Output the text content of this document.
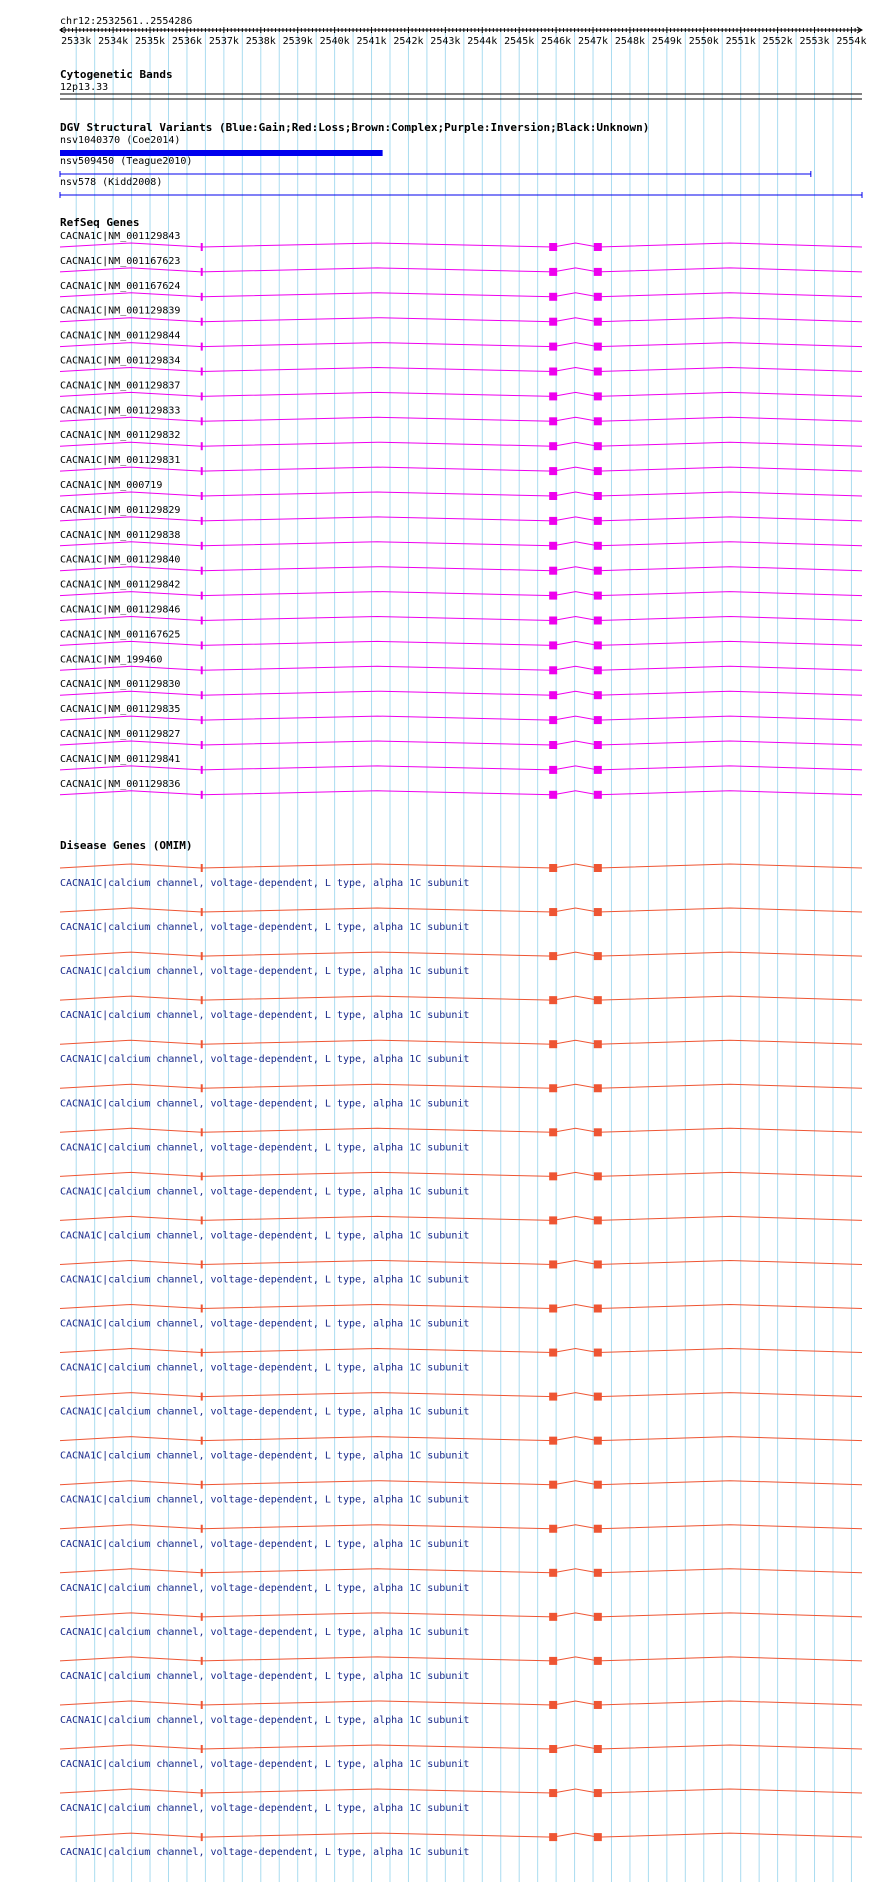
chr12:2532561..2554286
2533k 2534k 2535k 2536k 2537k 2538k 2539k 2540k 2541k 2542k 2543k 2544k 2545k 2546k 2547k 2548k 2549k 2550k 2551k 2552k 2553k 2554k
Cytogenetic Bands
12p13.33
DGV Structural Variants (Blue:Gain;Red:Loss;Brown:Complex;Purple:Inversion;Black:Unknown)
nsv1040370 (Coe2014)
nsv509450 (Teague2010)
nsv578 (Kidd2008)
RefSeq Genes
CACNA1C|NM_001129843
CACNA1C|NM_001167623
CACNA1C|NM_001167624
CACNA1C|NM_001129839
CACNA1C|NM_001129844
CACNA1C|NM_001129834
CACNA1C|NM_001129837
CACNA1C|NM_001129833
CACNA1C|NM_001129832
CACNA1C|NM_001129831
CACNA1C|NM_000719
CACNA1C|NM_001129829
CACNA1C|NM_001129838
CACNA1C|NM_001129840
CACNA1C|NM_001129842
CACNA1C|NM_001129846
CACNA1C|NM_001167625
CACNA1C|NM_199460
CACNA1C|NM_001129830
CACNA1C|NM_001129835
CACNA1C|NM_001129827
CACNA1C|NM_001129841
CACNA1C|NM_001129836
Disease Genes (OMIM)
CACNA1C|calcium channel, voltage-dependent, L type, alpha 1C subunit
CACNA1C|calcium channel, voltage-dependent, L type, alpha 1C subunit
CACNA1C|calcium channel, voltage-dependent, L type, alpha 1C subunit
CACNA1C|calcium channel, voltage-dependent, L type, alpha 1C subunit
CACNA1C|calcium channel, voltage-dependent, L type, alpha 1C subunit
CACNA1C|calcium channel, voltage-dependent, L type, alpha 1C subunit
CACNA1C|calcium channel, voltage-dependent, L type, alpha 1C subunit
CACNA1C|calcium channel, voltage-dependent, L type, alpha 1C subunit
CACNA1C|calcium channel, voltage-dependent, L type, alpha 1C subunit
CACNA1C|calcium channel, voltage-dependent, L type, alpha 1C subunit
CACNA1C|calcium channel, voltage-dependent, L type, alpha 1C subunit
CACNA1C|calcium channel, voltage-dependent, L type, alpha 1C subunit
CACNA1C|calcium channel, voltage-dependent, L type, alpha 1C subunit
CACNA1C|calcium channel, voltage-dependent, L type, alpha 1C subunit
CACNA1C|calcium channel, voltage-dependent, L type, alpha 1C subunit
CACNA1C|calcium channel, voltage-dependent, L type, alpha 1C subunit
CACNA1C|calcium channel, voltage-dependent, L type, alpha 1C subunit
CACNA1C|calcium channel, voltage-dependent, L type, alpha 1C subunit
CACNA1C|calcium channel, voltage-dependent, L type, alpha 1C subunit
CACNA1C|calcium channel, voltage-dependent, L type, alpha 1C subunit
CACNA1C|calcium channel, voltage-dependent, L type, alpha 1C subunit
CACNA1C|calcium channel, voltage-dependent, L type, alpha 1C subunit
CACNA1C|calcium channel, voltage-dependent, L type, alpha 1C subunit
